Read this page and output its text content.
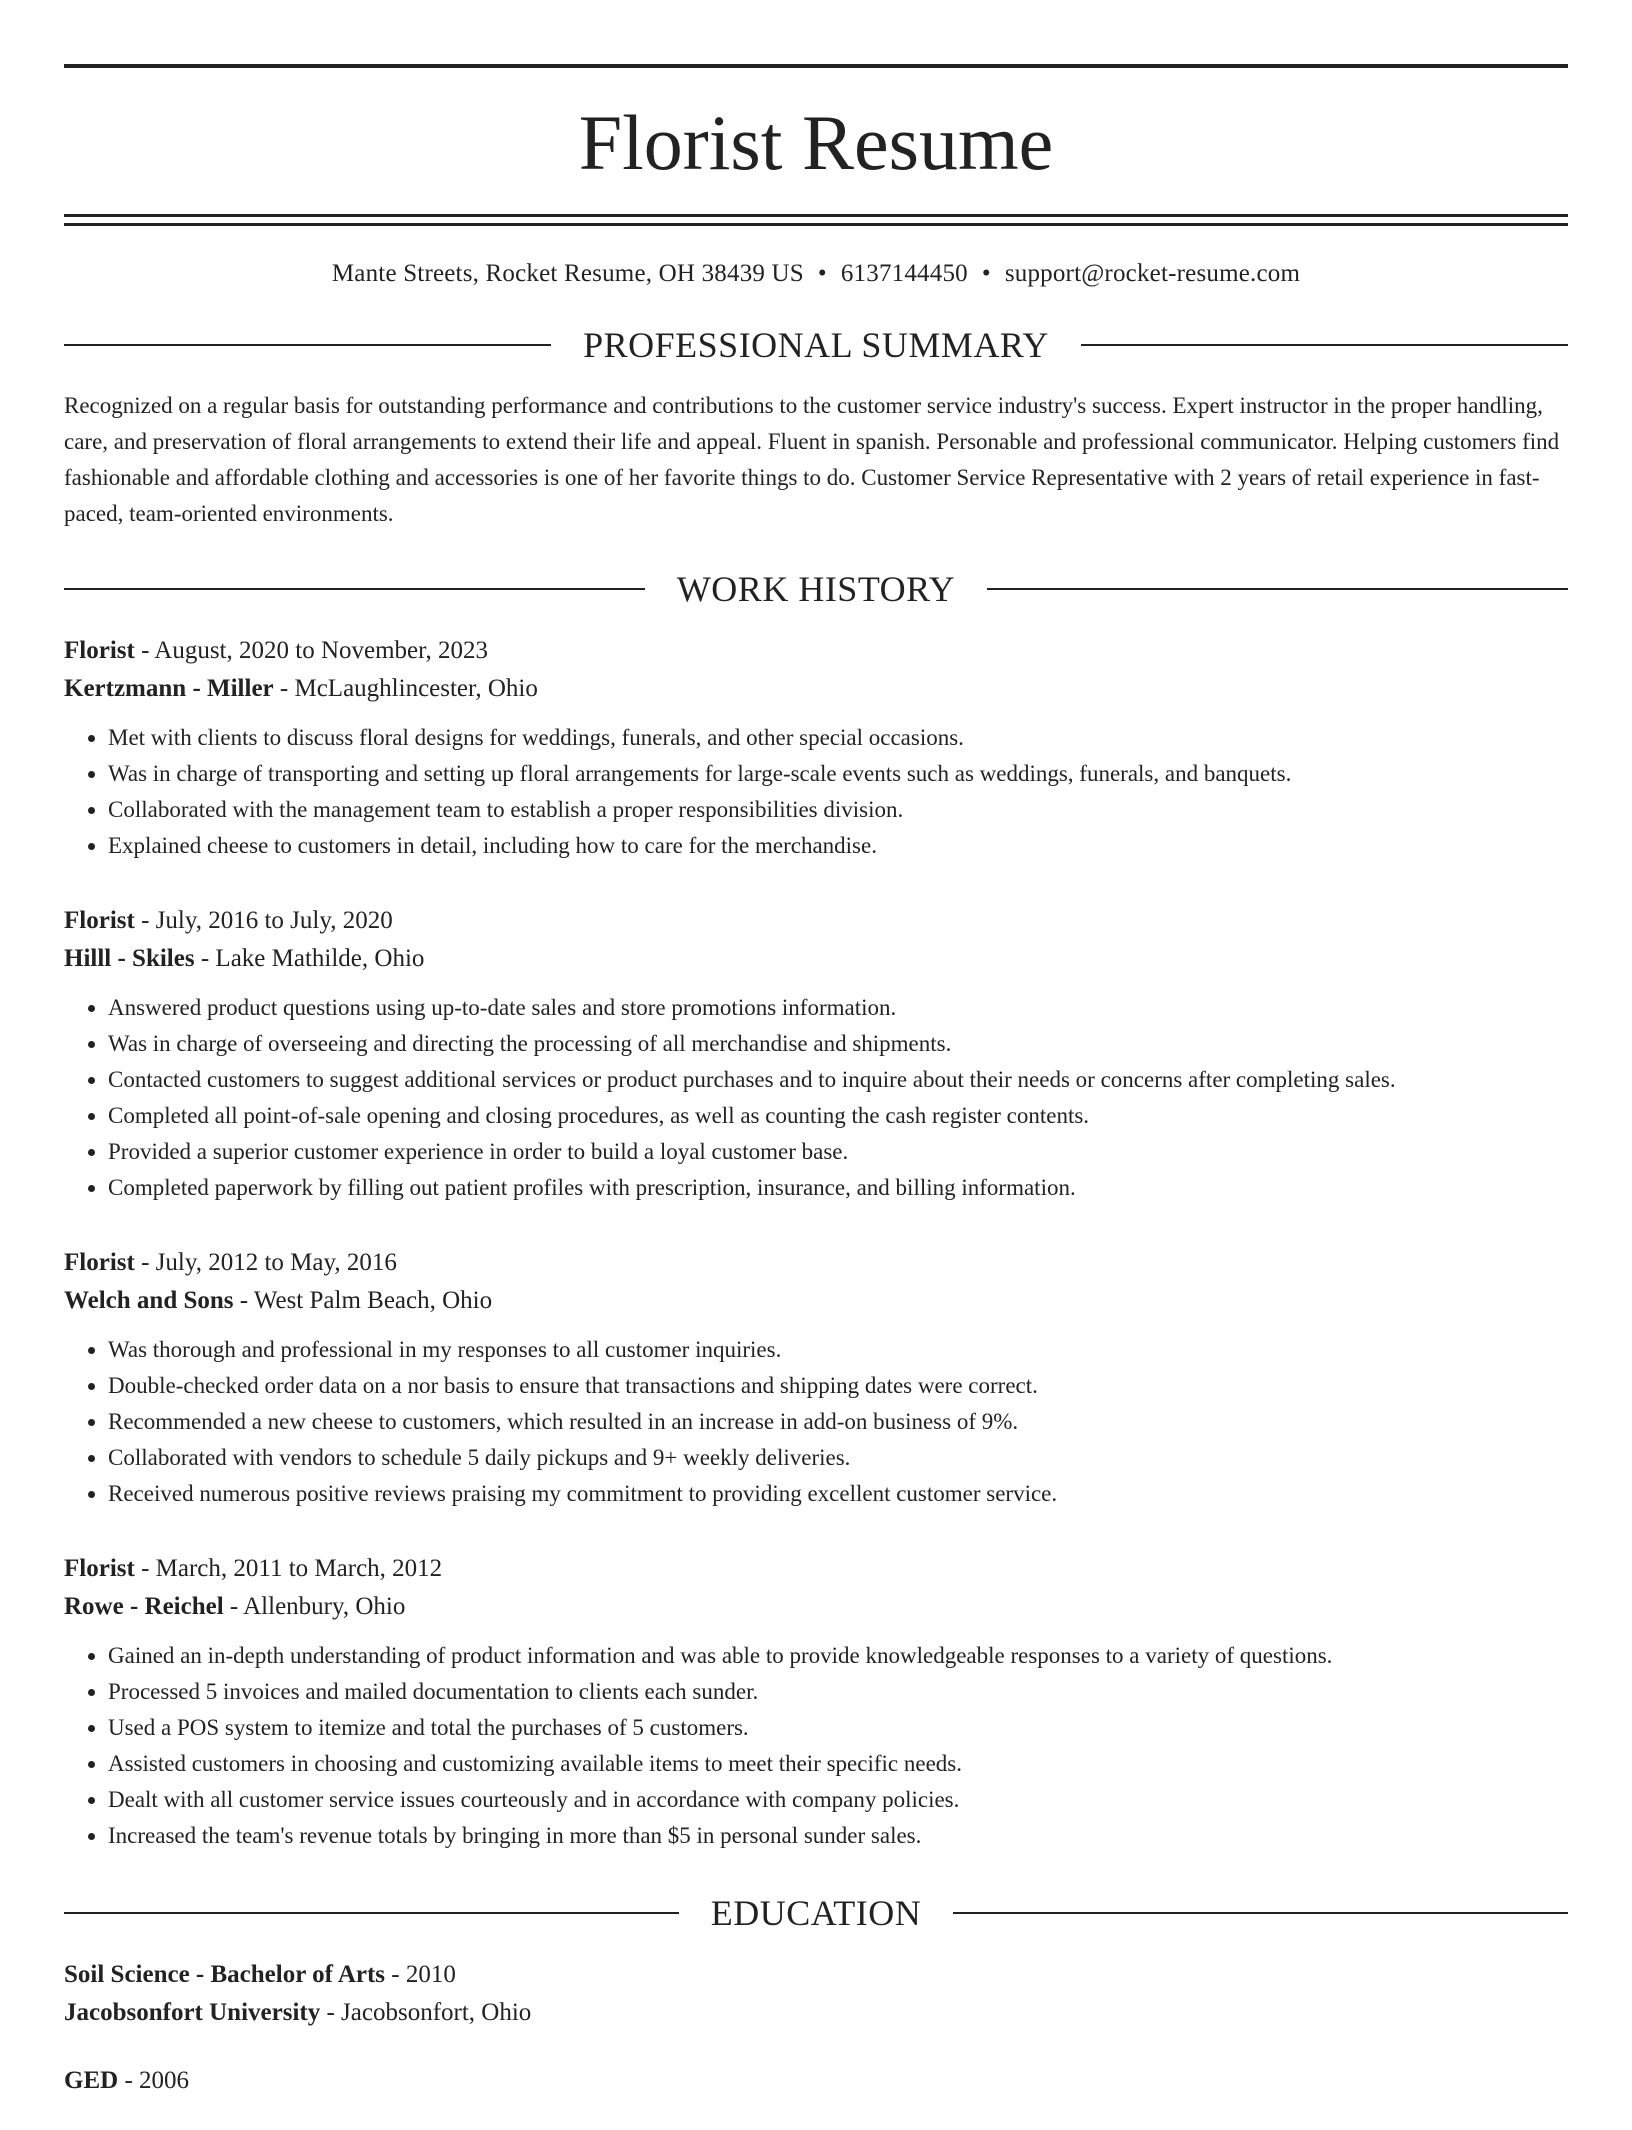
Florist Resume
Mante Streets, Rocket Resume, OH 38439 US • 6137144450 • support@rocket-resume.com
PROFESSIONAL SUMMARY
Recognized on a regular basis for outstanding performance and contributions to the customer service industry's success. Expert instructor in the proper handling, care, and preservation of floral arrangements to extend their life and appeal. Fluent in spanish. Personable and professional communicator. Helping customers find fashionable and affordable clothing and accessories is one of her favorite things to do. Customer Service Representative with 2 years of retail experience in fast-paced, team-oriented environments.
WORK HISTORY
Florist - August, 2020 to November, 2023
Kertzmann - Miller - McLaughlincester, Ohio
• Met with clients to discuss floral designs for weddings, funerals, and other special occasions.
• Was in charge of transporting and setting up floral arrangements for large-scale events such as weddings, funerals, and banquets.
• Collaborated with the management team to establish a proper responsibilities division.
• Explained cheese to customers in detail, including how to care for the merchandise.
Florist - July, 2016 to July, 2020
Hilll - Skiles - Lake Mathilde, Ohio
• Answered product questions using up-to-date sales and store promotions information.
• Was in charge of overseeing and directing the processing of all merchandise and shipments.
• Contacted customers to suggest additional services or product purchases and to inquire about their needs or concerns after completing sales.
• Completed all point-of-sale opening and closing procedures, as well as counting the cash register contents.
• Provided a superior customer experience in order to build a loyal customer base.
• Completed paperwork by filling out patient profiles with prescription, insurance, and billing information.
Florist - July, 2012 to May, 2016
Welch and Sons - West Palm Beach, Ohio
• Was thorough and professional in my responses to all customer inquiries.
• Double-checked order data on a nor basis to ensure that transactions and shipping dates were correct.
• Recommended a new cheese to customers, which resulted in an increase in add-on business of 9%.
• Collaborated with vendors to schedule 5 daily pickups and 9+ weekly deliveries.
• Received numerous positive reviews praising my commitment to providing excellent customer service.
Florist - March, 2011 to March, 2012
Rowe - Reichel - Allenbury, Ohio
• Gained an in-depth understanding of product information and was able to provide knowledgeable responses to a variety of questions.
• Processed 5 invoices and mailed documentation to clients each sunder.
• Used a POS system to itemize and total the purchases of 5 customers.
• Assisted customers in choosing and customizing available items to meet their specific needs.
• Dealt with all customer service issues courteously and in accordance with company policies.
• Increased the team's revenue totals by bringing in more than $5 in personal sunder sales.
EDUCATION
Soil Science - Bachelor of Arts - 2010
Jacobsonfort University - Jacobsonfort, Ohio
GED - 2006
